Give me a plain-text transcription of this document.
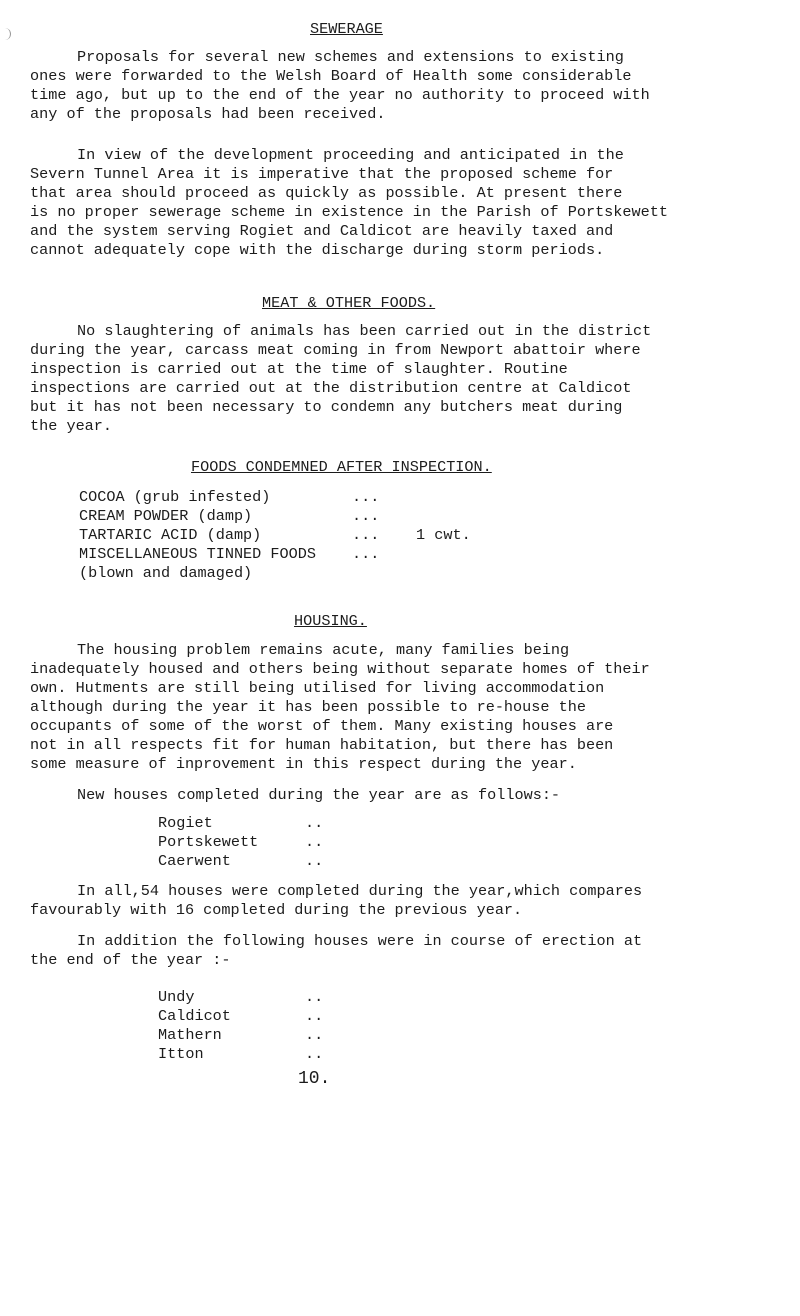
SEWERAGE
Proposals for several new schemes and extensions to existing
ones were forwarded to the Welsh Board of Health some considerable
time ago, but up to the end of the year no authority to proceed with
any of the proposals had been received.
In view of the development proceeding and anticipated in the
Severn Tunnel Area it is imperative that the proposed scheme for
that area should proceed as quickly as possible. At present there
is no proper sewerage scheme in existence in the Parish of Portskewett
and the system serving Rogiet and Caldicot are heavily taxed and
cannot adequately cope with the discharge during storm periods.
MEAT & OTHER FOODS.
No slaughtering of animals has been carried out in the district
during the year, carcass meat coming in from Newport abattoir where
inspection is carried out at the time of slaughter. Routine
inspections are carried out at the distribution centre at Caldicot
but it has not been necessary to condemn any butchers meat during
the year.
FOODS CONDEMNED AFTER INSPECTION.
COCOA (grub infested)	...
CREAM POWDER (damp)	...
TARTARIC ACID (damp)	... 1 cwt.
MISCELLANEOUS TINNED FOODS ...
(blown and damaged)
HOUSING.
The housing problem remains acute, many families being
inadequately housed and others being without separate homes of their
own. Hutments are still being utilised for living accommodation
although during the year it has been possible to re-house the
occupants of some of the worst of them. Many existing houses are
not in all respects fit for human habitation, but there has been
some measure of inprovement in this respect during the year.
New houses completed during the year are as follows:-
Rogiet	..
Portskewett	..
Caerwent	..
In all,54 houses were completed during the year,which compares
favourably with 16 completed during the previous year.
In addition the following houses were in course of erection at
the end of the year :-
Undy	..
Caldicot	..
Mathern	..
Itton	..
10.
